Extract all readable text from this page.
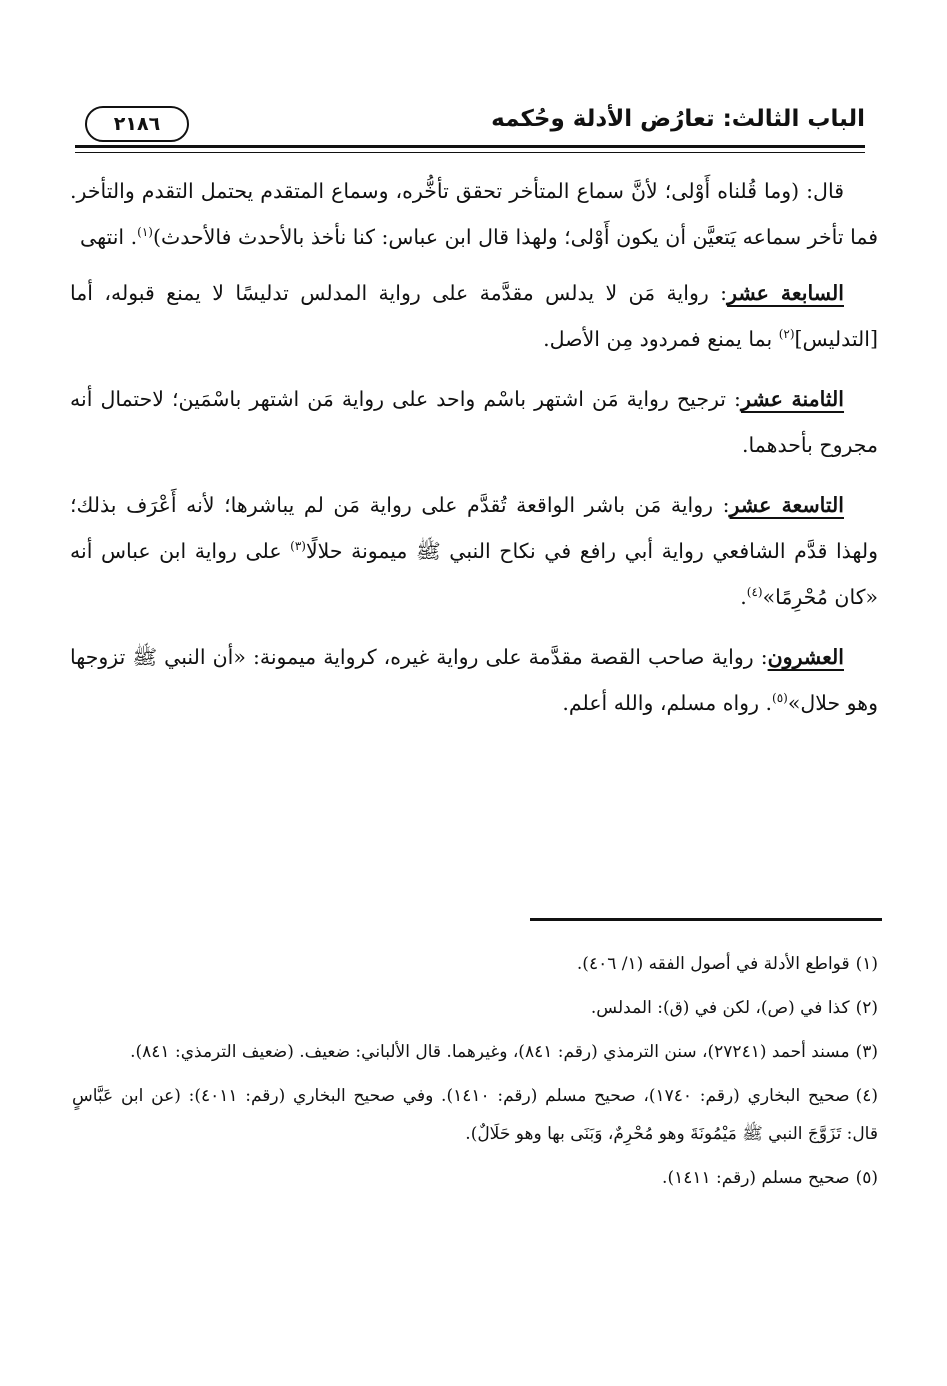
الباب الثالث: تعارُض الأدلة وحُكمه
٢١٨٦

قال: (وما قُلناه أَوْلى؛ لأنَّ سماع المتأخر تحقق تأخُّره، وسماع المتقدم يحتمل التقدم والتأخر. فما تأخر سماعه يَتعيَّن أن يكون أَوْلى؛ ولهذا قال ابن عباس: كنا نأخذ بالأحدث فالأحدث)$^{(١)}$. انتهى

السابعة عشر: رواية مَن لا يدلس مقدَّمة على رواية المدلس تدليسًا لا يمنع قبوله، أما [التدليس]$^{(٢)}$ بما يمنع فمردود مِن الأصل.

الثامنة عشر: ترجيح رواية مَن اشتهر باسْم واحد على رواية مَن اشتهر باسْمَين؛ لاحتمال أنه مجروح بأحدهما.

التاسعة عشر: رواية مَن باشر الواقعة تُقدَّم على رواية مَن لم يباشرها؛ لأنه أَعْرَف بذلك؛ ولهذا قدَّم الشافعي رواية أبي رافع في نكاح النبي ﷺ ميمونة حلالًا$^{(٣)}$ على رواية ابن عباس أنه «كان مُحْرِمًا»$^{(٤)}$.

العشرون: رواية صاحب القصة مقدَّمة على رواية غيره، كرواية ميمونة: «أن النبي ﷺ تزوجها وهو حلال»$^{(٥)}$. رواه مسلم، والله أعلم.

(١)قواطع الأدلة في أصول الفقه (١/ ٤٠٦).

(٢)كذا في (ص)، لكن في (ق): المدلس.

(٣)مسند أحمد (٢٧٢٤١)، سنن الترمذي (رقم: ٨٤١)، وغيرهما. قال الألباني: ضعيف. (ضعيف الترمذي: ٨٤١).

(٤)صحيح البخاري (رقم: ١٧٤٠)، صحيح مسلم (رقم: ١٤١٠). وفي صحيح البخاري (رقم: ٤٠١١): (عن ابن عَبَّاسٍ قال: تَزَوَّجَ النبي ﷺ مَيْمُونَةَ وهو مُحْرِمٌ، وَبَنَى بها وهو حَلَالٌ).

(٥)صحيح مسلم (رقم: ١٤١١).
